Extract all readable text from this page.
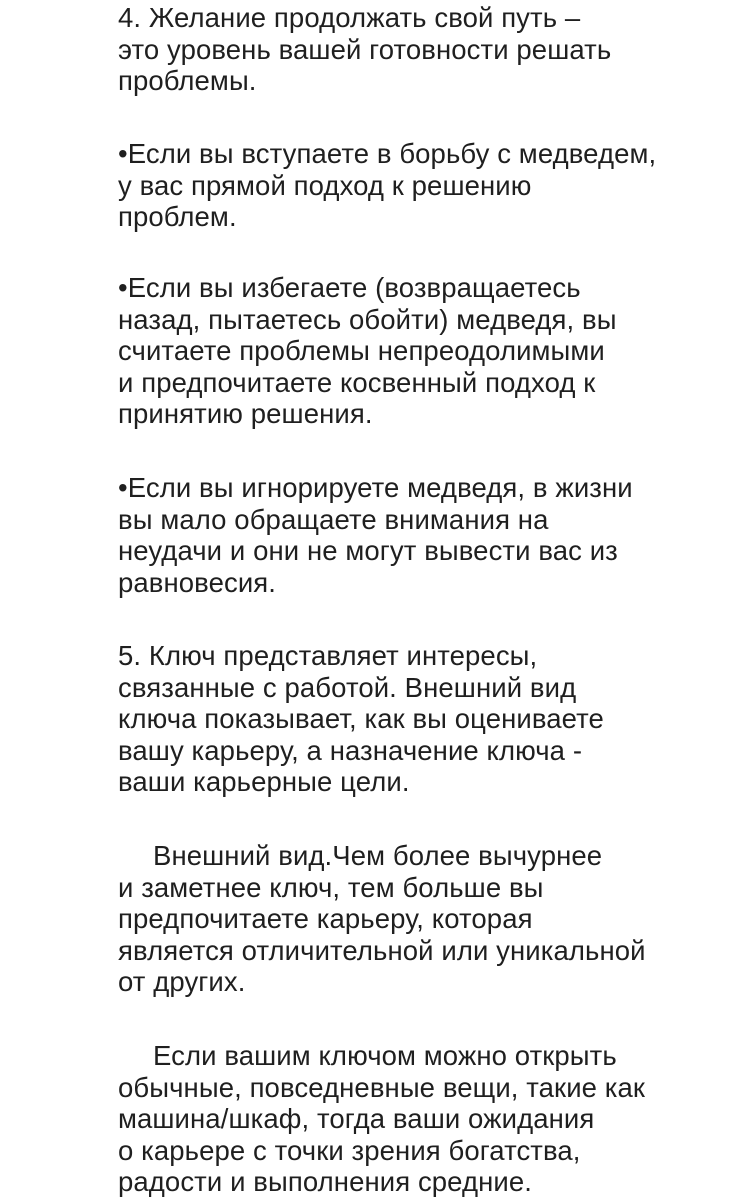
4. Желание продолжать свой путь –
это уровень вашей готовности решать
проблемы.
•Если вы вступаете в борьбу с медведем,
у вас прямой подход к решению
проблем.
•Если вы избегаете (возвращаетесь
назад, пытаетесь обойти) медведя, вы
считаете проблемы непреодолимыми
и предпочитаете косвенный подход к
принятию решения.
•Если вы игнорируете медведя, в жизни
вы мало обращаете внимания на
неудачи и они не могут вывести вас из
равновесия.
5. Ключ представляет интересы,
связанные с работой. Внешний вид
ключа показывает, как вы оцениваете
вашу карьеру, а назначение ключа -
ваши карьерные цели.
Внешний вид.Чем более вычурнее
и заметнее ключ, тем больше вы
предпочитаете карьеру, которая
является отличительной или уникальной
от других.
Если вашим ключом можно открыть
обычные, повседневные вещи, такие как
машина/шкаф, тогда ваши ожидания
о карьере с точки зрения богатства,
радости и выполнения средние.
